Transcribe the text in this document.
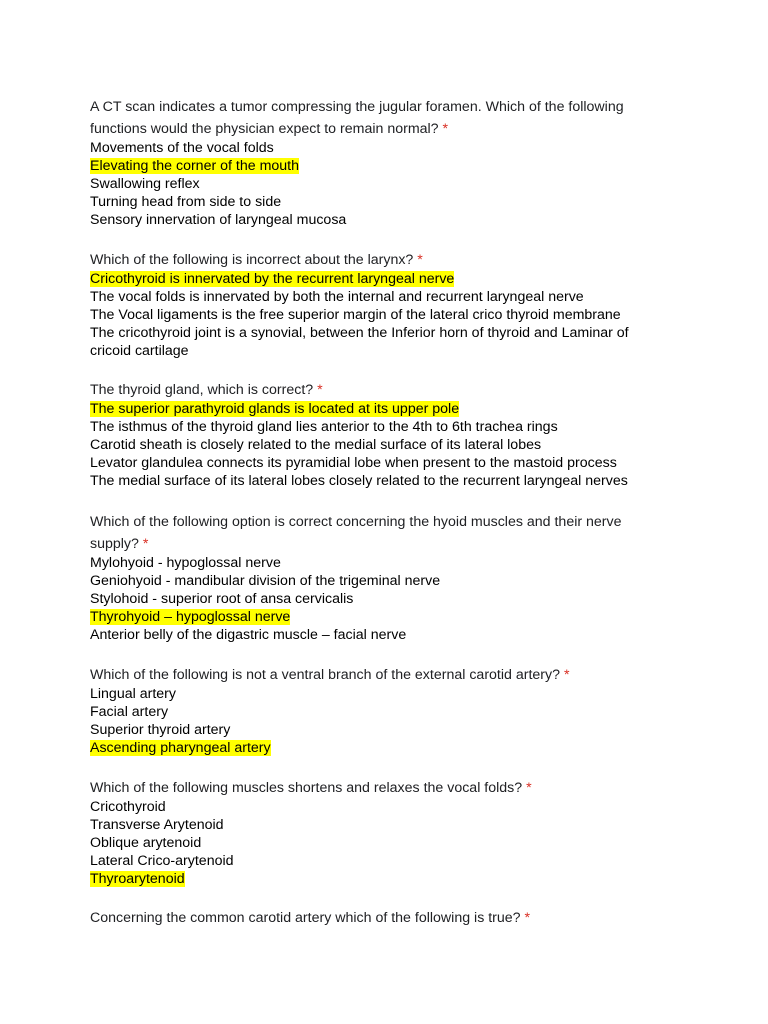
A CT scan indicates a tumor compressing the jugular foramen. Which of the following

functions would the physician expect to remain normal? *

Movements of the vocal folds
Elevating the corner of the mouth
Swallowing reflex
Turning head from side to side
Sensory innervation of laryngeal mucosa

Which of the following is incorrect about the larynx? *

Cricothyroid is innervated by the recurrent laryngeal nerve
The vocal folds is innervated by both the internal and recurrent laryngeal nerve
The Vocal ligaments is the free superior margin of the lateral crico thyroid membrane
The cricothyroid joint is a synovial, between the Inferior horn of thyroid and Laminar of
cricoid cartilage

The thyroid gland, which is correct? *

The superior parathyroid glands is located at its upper pole
The isthmus of the thyroid gland lies anterior to the 4th to 6th trachea rings
Carotid sheath is closely related to the medial surface of its lateral lobes
Levator glandulea connects its pyramidial lobe when present to the mastoid process
The medial surface of its lateral lobes closely related to the recurrent laryngeal nerves

Which of the following option is correct concerning the hyoid muscles and their nerve

supply? *

Mylohyoid - hypoglossal nerve
Geniohyoid - mandibular division of the trigeminal nerve
Stylohoid - superior root of ansa cervicalis
Thyrohyoid – hypoglossal nerve
Anterior belly of the digastric muscle – facial nerve

Which of the following is not a ventral branch of the external carotid artery? *

Lingual artery
Facial artery
Superior thyroid artery
Ascending pharyngeal artery

Which of the following muscles shortens and relaxes the vocal folds? *

Cricothyroid
Transverse Arytenoid
Oblique arytenoid
Lateral Crico-arytenoid
Thyroarytenoid

Concerning the common carotid artery which of the following is true? *
